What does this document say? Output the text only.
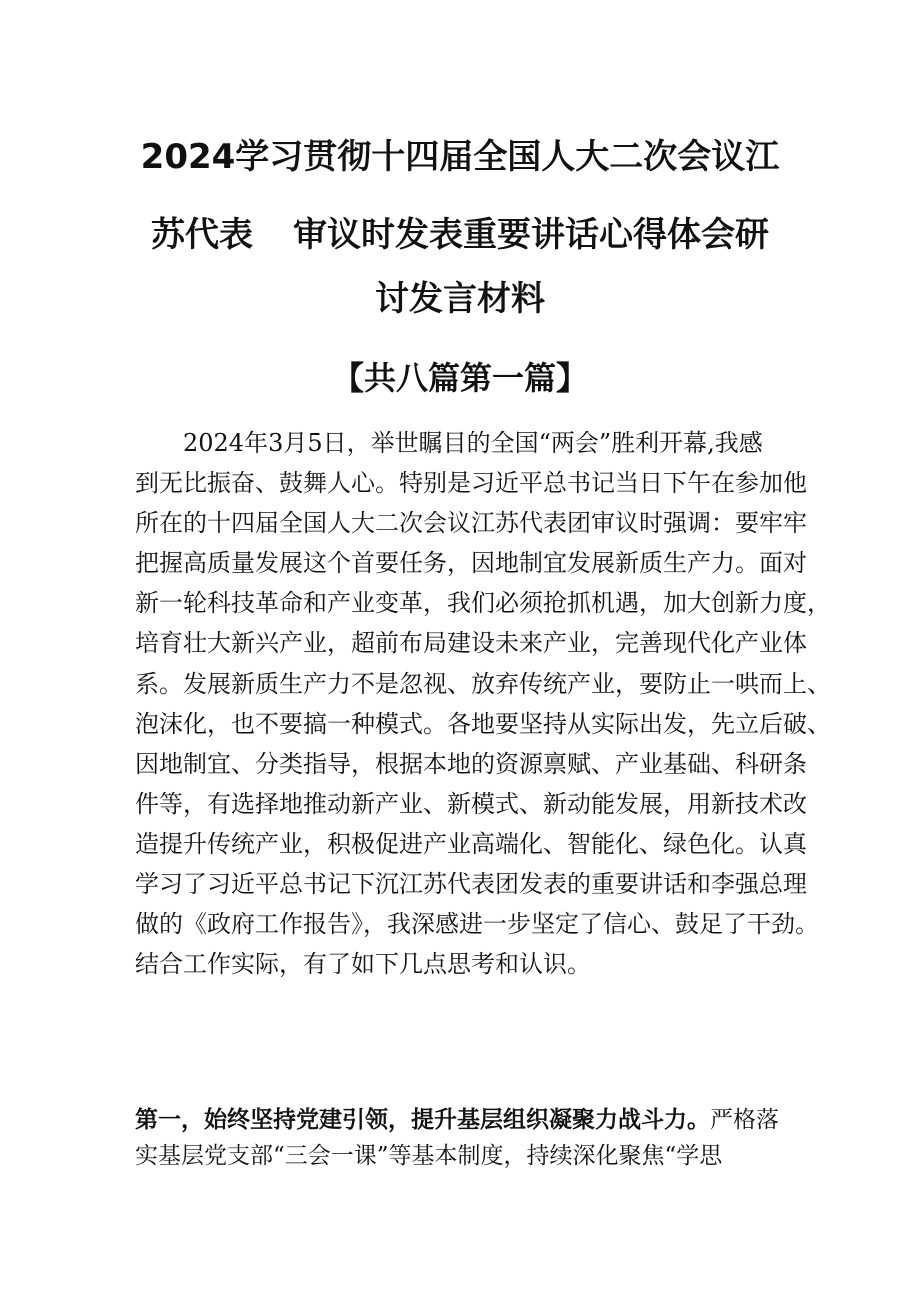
2024学习贯彻十四届全国人大二次会议江
苏代表 审议时发表重要讲话心得体会研
讨发言材料
【共八篇第一篇】
2024年3月5日，举世瞩目的全国“两会”胜利开幕,我感
到无比振奋、鼓舞人心。特别是习近平总书记当日下午在参加他
所在的十四届全国人大二次会议江苏代表团审议时强调：要牢牢
把握高质量发展这个首要任务，因地制宜发展新质生产力。面对
新一轮科技革命和产业变革，我们必须抢抓机遇，加大创新力度，
培育壮大新兴产业，超前布局建设未来产业，完善现代化产业体
系。发展新质生产力不是忽视、放弃传统产业，要防止一哄而上、
泡沫化，也不要搞一种模式。各地要坚持从实际出发，先立后破、
因地制宜、分类指导，根据本地的资源禀赋、产业基础、科研条
件等，有选择地推动新产业、新模式、新动能发展，用新技术改
造提升传统产业，积极促进产业高端化、智能化、绿色化。认真
学习了习近平总书记下沉江苏代表团发表的重要讲话和李强总理
做的《政府工作报告》，我深感进一步坚定了信心、鼓足了干劲。
结合工作实际，有了如下几点思考和认识。
第一，始终坚持党建引领，提升基层组织凝聚力战斗力。严格落
实基层党支部“三会一课”等基本制度，持续深化聚焦“学思
